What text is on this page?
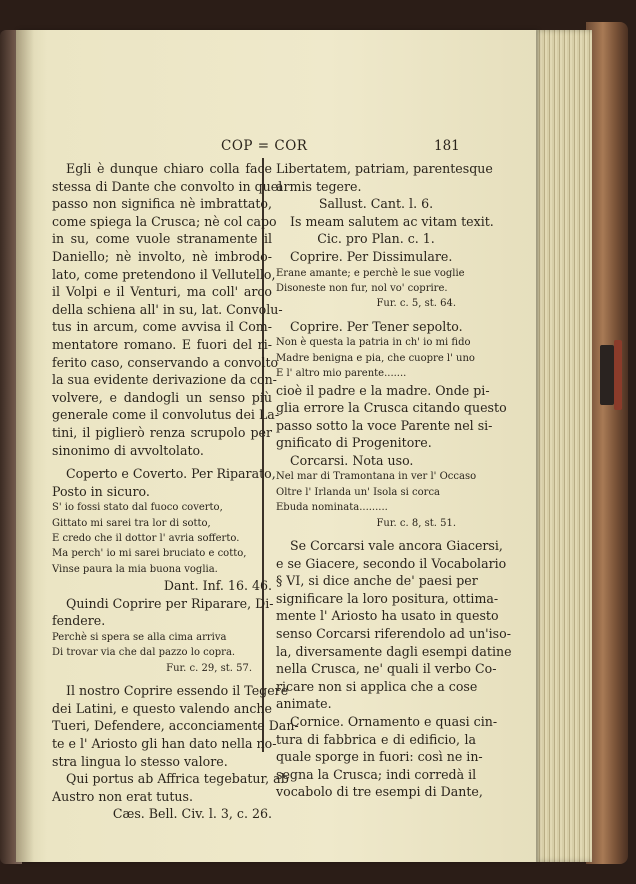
COP = COR	181
Egli è dunque chiaro colla face
stessa di Dante che convolto in quel
passo non significa nè imbrattato,
come spiega la Crusca; nè col capo
in su, come vuole stranamente il
Daniello; nè involto, nè imbrodo-
lato, come pretendono il Vellutello,
il Volpi e il Venturi, ma coll' arco
della schiena all' in su, lat. Convolu-
tus in arcum, come avvisa il Com-
mentatore romano. E fuori del ri-
ferito caso, conservando a convolto
la sua evidente derivazione da con-
volvere, e dandogli un senso più
generale come il convolutus dei La-
tini, il piglierò renza scrupolo per
sinonimo di avvoltolato.
Coperto e Coverto. Per Riparato,
Posto in sicuro.
S' io fossi stato dal fuoco coverto,
Gittato mi sarei tra lor di sotto,
E credo che il dottor l' avria sofferto.
Ma perch' io mi sarei bruciato e cotto,
Vinse paura la mia buona voglia.
Dant. Inf. 16. 46.
Quindi Coprire per Riparare, Di-
fendere.
Perchè si spera se alla cima arriva
Di trovar via che dal pazzo lo copra.
Fur. c. 29, st. 57.
Il nostro Coprire essendo il Tegere
dei Latini, e questo valendo anche
Tueri, Defendere, acconciamente Dan-
te e l' Ariosto gli han dato nella no-
stra lingua lo stesso valore.
Qui portus ab Affrica tegebatur, ab
Austro non erat tutus.
Cæs. Bell. Civ. l. 3, c. 26.
Libertatem, patriam, parentesque
armis tegere.
Sallust. Cant. l. 6.
Is meam salutem ac vitam texit.
Cic. pro Plan. c. 1.
Coprire. Per Dissimulare.
Erane amante; e perchè le sue voglie
Disoneste non fur, nol vo' coprire.
Fur. c. 5, st. 64.
Coprire. Per Tener sepolto.
Non è questa la patria in ch' io mi fido
Madre benigna e pia, che cuopre l' uno
E l' altro mio parente.......
cioè il padre e la madre. Onde pi-
glia errore la Crusca citando questo
passo sotto la voce Parente nel si-
gnificato di Progenitore.
Corcarsi. Nota uso.
Nel mar di Tramontana in ver l' Occaso
Oltre l' Irlanda un' Isola si corca
Ebuda nominata.........
Fur. c. 8, st. 51.
Se Corcarsi vale ancora Giacersi,
e se Giacere, secondo il Vocabolario
§ VI, si dice anche de' paesi per
significare la loro positura, ottima-
mente l' Ariosto ha usato in questo
senso Corcarsi riferendolo ad un'iso-
la, diversamente dagli esempi datine
nella Crusca, ne' quali il verbo Co-
ricare non si applica che a cose
animate.
Cornice. Ornamento e quasi cin-
tura di fabbrica e di edificio, la
quale sporge in fuori: così ne in-
segna la Crusca; indi corredà il
vocabolo di tre esempi di Dante,
